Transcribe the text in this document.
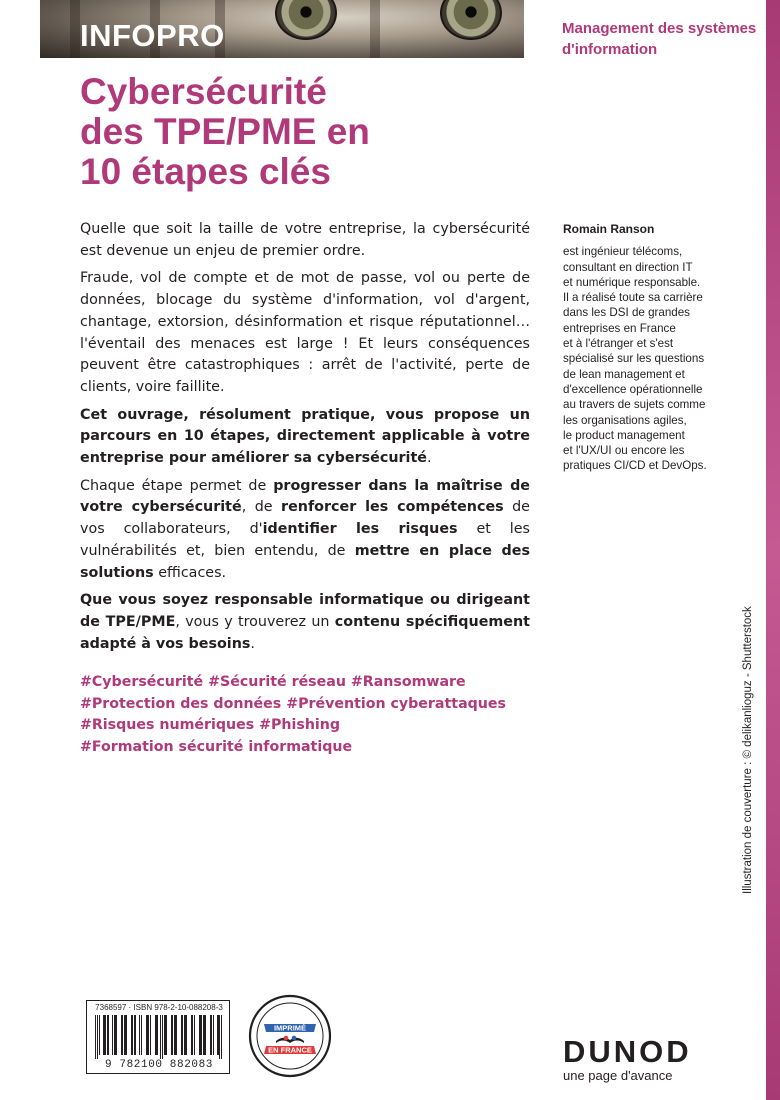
INFOPRO	Management des systèmes d'information
Cybersécurité
des TPE/PME en
10 étapes clés

Quelle que soit la taille de votre entreprise, la cybersécurité est devenue un enjeu de premier ordre.

Fraude, vol de compte et de mot de passe, vol ou perte de données, blocage du système d'information, vol d'argent, chantage, extorsion, désinformation et risque réputationnel… l'éventail des menaces est large ! Et leurs conséquences peuvent être catastrophiques : arrêt de l'activité, perte de clients, voire faillite.

Cet ouvrage, résolument pratique, vous propose un parcours en 10 étapes, directement applicable à votre entreprise pour améliorer sa cybersécurité.

Chaque étape permet de progresser dans la maîtrise de votre cybersécurité, de renforcer les compétences de vos collaborateurs, d'identifier les risques et les vulnérabilités et, bien entendu, de mettre en place des solutions efficaces.

Que vous soyez responsable informatique ou dirigeant de TPE/PME, vous y trouverez un contenu spécifiquement adapté à vos besoins.

#Cybersécurité #Sécurité réseau #Ransomware
#Protection des données #Prévention cyberattaques
#Risques numériques #Phishing
#Formation sécurité informatique
Romain Ranson
est ingénieur télécoms,
consultant en direction IT
et numérique responsable.
Il a réalisé toute sa carrière
dans les DSI de grandes
entreprises en France
et à l'étranger et s'est
spécialisé sur les questions
de lean management et
d'excellence opérationnelle
au travers de sujets comme
les organisations agiles,
le product management
et l'UX/UI ou encore les
pratiques CI/CD et DevOps.
Illustration de couverture : © delikanlioguz - Shutterstock
7368597 · ISBN 978-2-10-088208-3
9 782100 882083
IMPRIMÉ
EN FRANCE	DUNOD
une page d'avance
